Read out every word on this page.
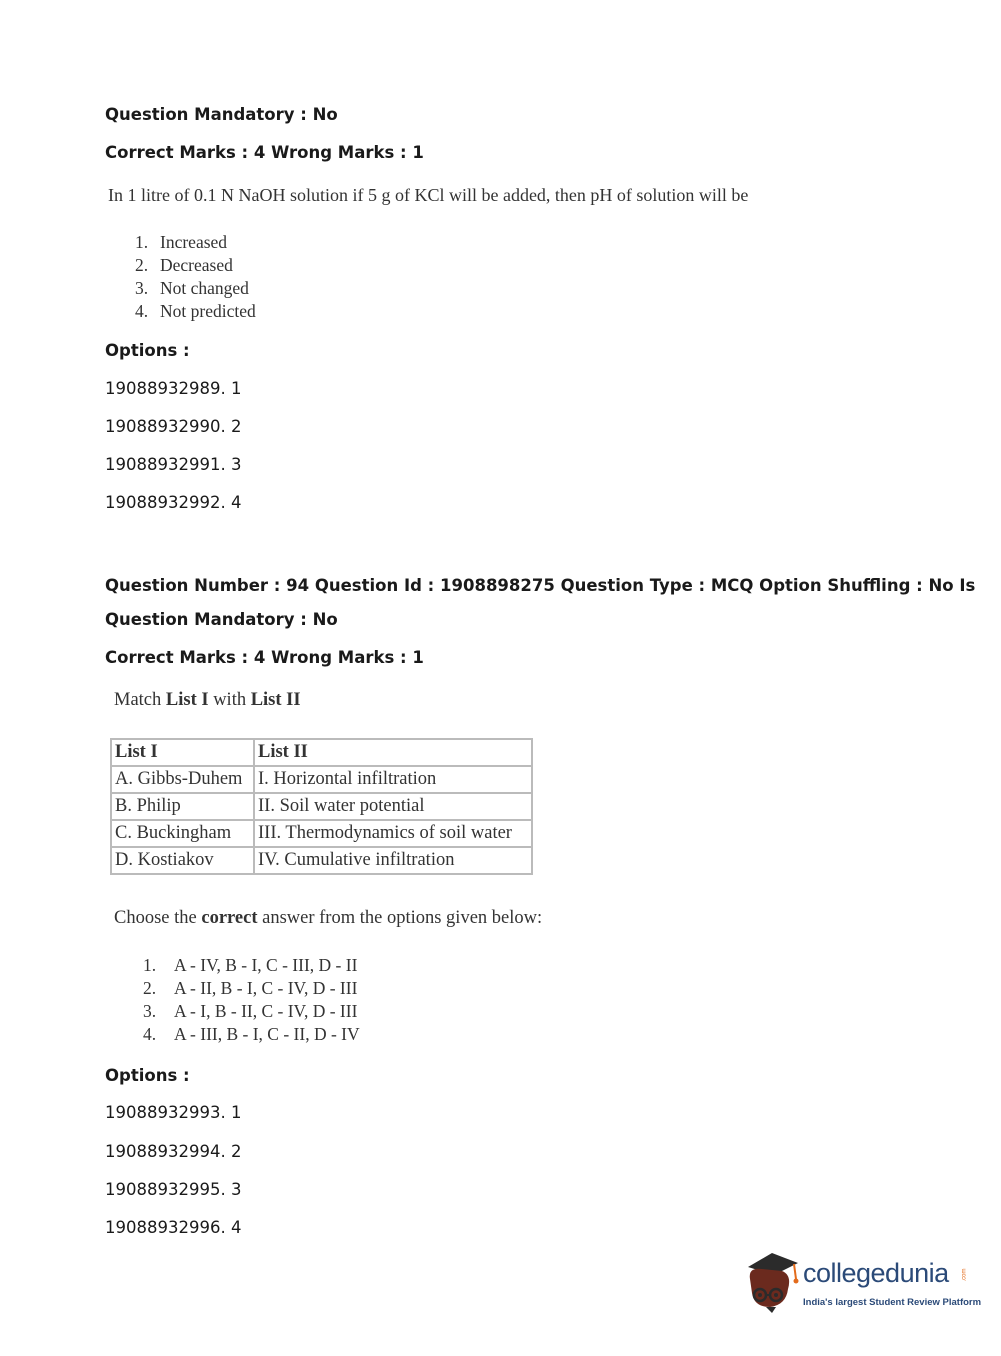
Question Mandatory : No
Correct Marks : 4 Wrong Marks : 1
In 1 litre of 0.1 N NaOH solution if 5 g of KCl will be added, then pH of solution will be
1. Increased
2. Decreased
3. Not changed
4. Not predicted
Options :
19088932989. 1
19088932990. 2
19088932991. 3
19088932992. 4
Question Number : 94 Question Id : 1908898275 Question Type : MCQ Option Shuffling : No Is
Question Mandatory : No
Correct Marks : 4 Wrong Marks : 1
Match List I with List II
List I	List II
A. Gibbs-Duhem	I. Horizontal infiltration
B. Philip	II. Soil water potential
C. Buckingham	III. Thermodynamics of soil water
D. Kostiakov	IV. Cumulative infiltration
Choose the correct answer from the options given below:
1. A - IV, B - I, C - III, D - II
2. A - II, B - I, C - IV, D - III
3. A - I, B - II, C - IV, D - III
4. A - III, B - I, C - II, D - IV
Options :
19088932993. 1
19088932994. 2
19088932995. 3
19088932996. 4
collegedunia .com
India's largest Student Review Platform
